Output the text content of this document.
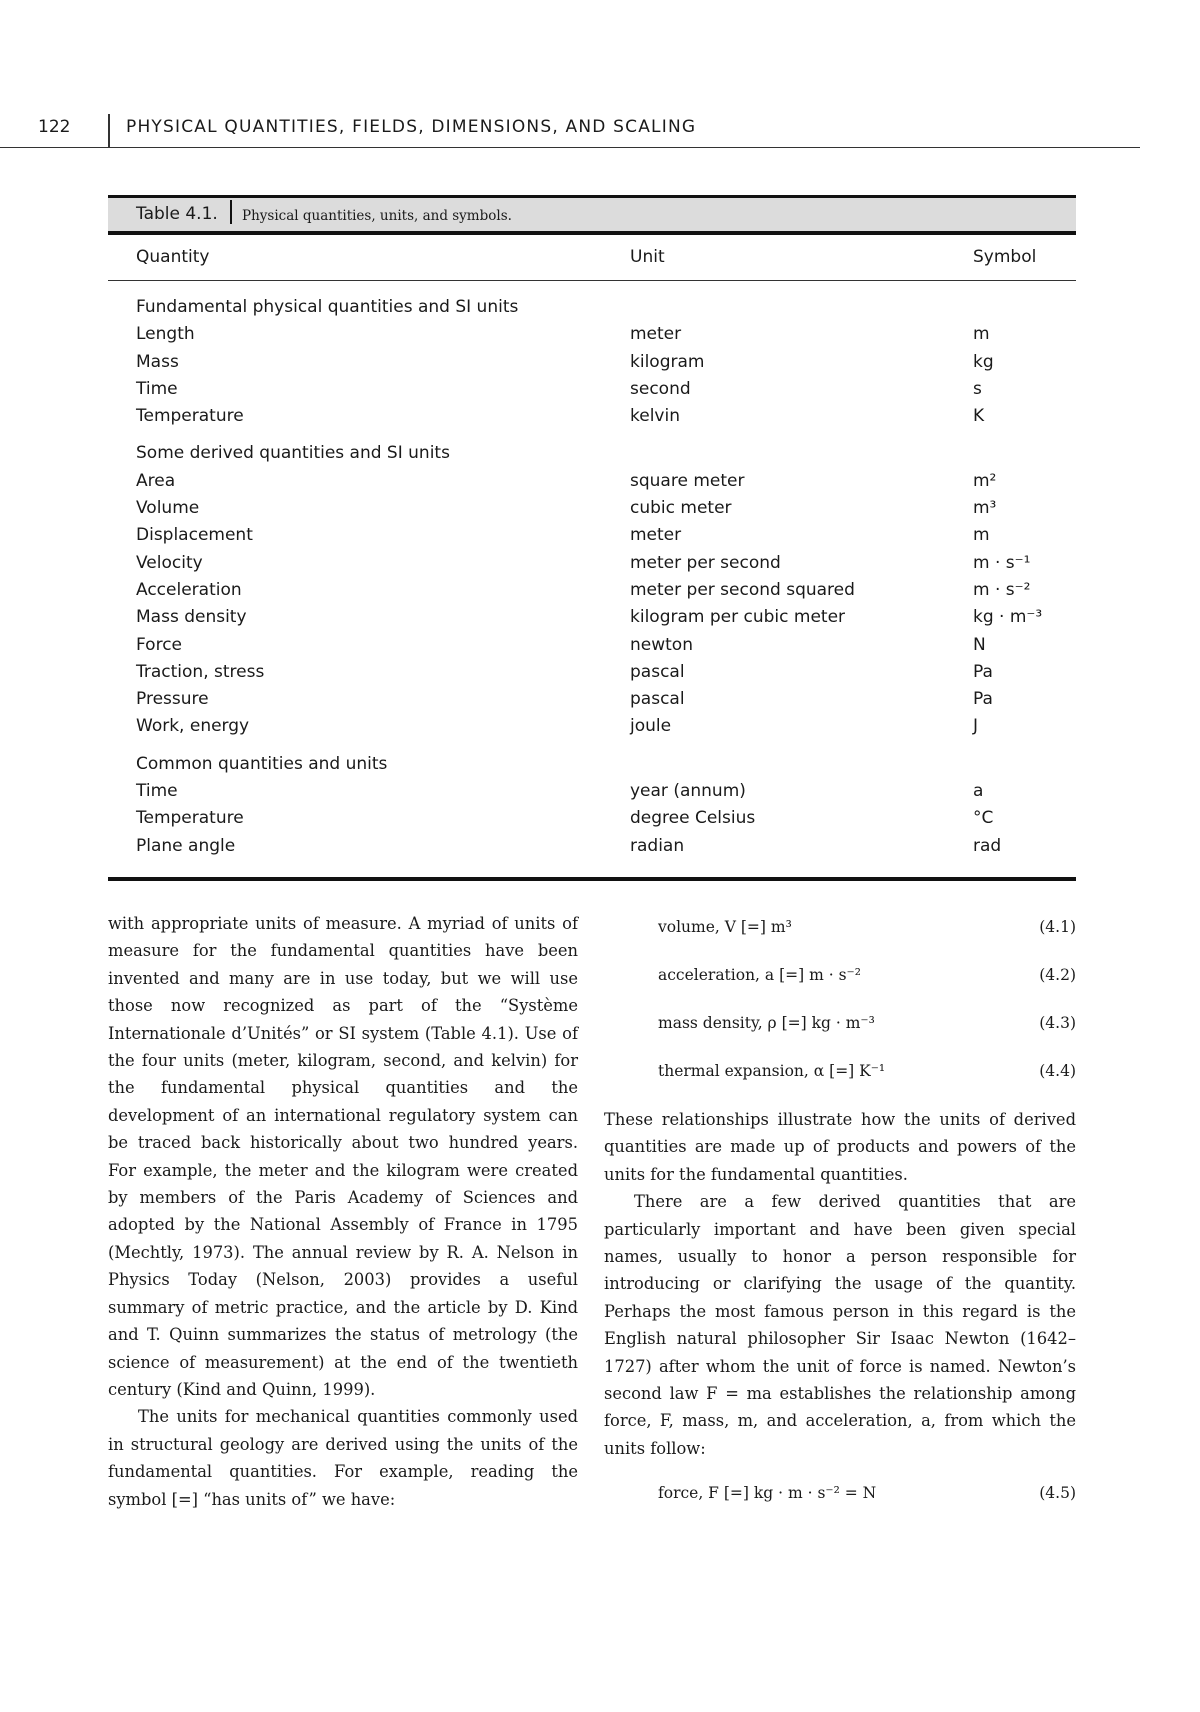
122	PHYSICAL QUANTITIES, FIELDS, DIMENSIONS, AND SCALING
Table 4.1. Physical quantities, units, and symbols.
Quantity	Unit	Symbol
Fundamental physical quantities and SI units
Length	meter	m
Mass	kilogram	kg
Time	second	s
Temperature	kelvin	K
Some derived quantities and SI units
Area	square meter	m²
Volume	cubic meter	m³
Displacement	meter	m
Velocity	meter per second	m · s⁻¹
Acceleration	meter per second squared	m · s⁻²
Mass density	kilogram per cubic meter	kg · m⁻³
Force	newton	N
Traction, stress	pascal	Pa
Pressure	pascal	Pa
Work, energy	joule	J
Common quantities and units
Time	year (annum)	a
Temperature	degree Celsius	°C
Plane angle	radian	rad

with appropriate units of measure. A myriad of units of measure for the fundamental quantities have been invented and many are in use today, but we will use those now recognized as part of the “Système Internationale d’Unités” or SI system (Table 4.1). Use of the four units (meter, kilogram, second, and kelvin) for the fundamental physical quantities and the development of an international regulatory system can be traced back historically about two hundred years. For example, the meter and the kilogram were created by members of the Paris Academy of Sciences and adopted by the National Assembly of France in 1795 (Mechtly, 1973). The annual review by R. A. Nelson in Physics Today (Nelson, 2003) provides a useful summary of metric practice, and the article by D. Kind and T. Quinn summarizes the status of metrology (the science of measurement) at the end of the twentieth century (Kind and Quinn, 1999).

The units for mechanical quantities commonly used in structural geology are derived using the units of the fundamental quantities. For example, reading the symbol [=] “has units of” we have:

volume, V [=] m³	(4.1)
acceleration, a [=] m · s⁻²	(4.2)
mass density, ρ [=] kg · m⁻³	(4.3)
thermal expansion, α [=] K⁻¹	(4.4)

These relationships illustrate how the units of derived quantities are made up of products and powers of the units for the fundamental quantities.

There are a few derived quantities that are particularly important and have been given special names, usually to honor a person responsible for introducing or clarifying the usage of the quantity. Perhaps the most famous person in this regard is the English natural philosopher Sir Isaac Newton (1642–1727) after whom the unit of force is named. Newton’s second law F = ma establishes the relationship among force, F, mass, m, and acceleration, a, from which the units follow:

force, F [=] kg · m · s⁻² = N	(4.5)
